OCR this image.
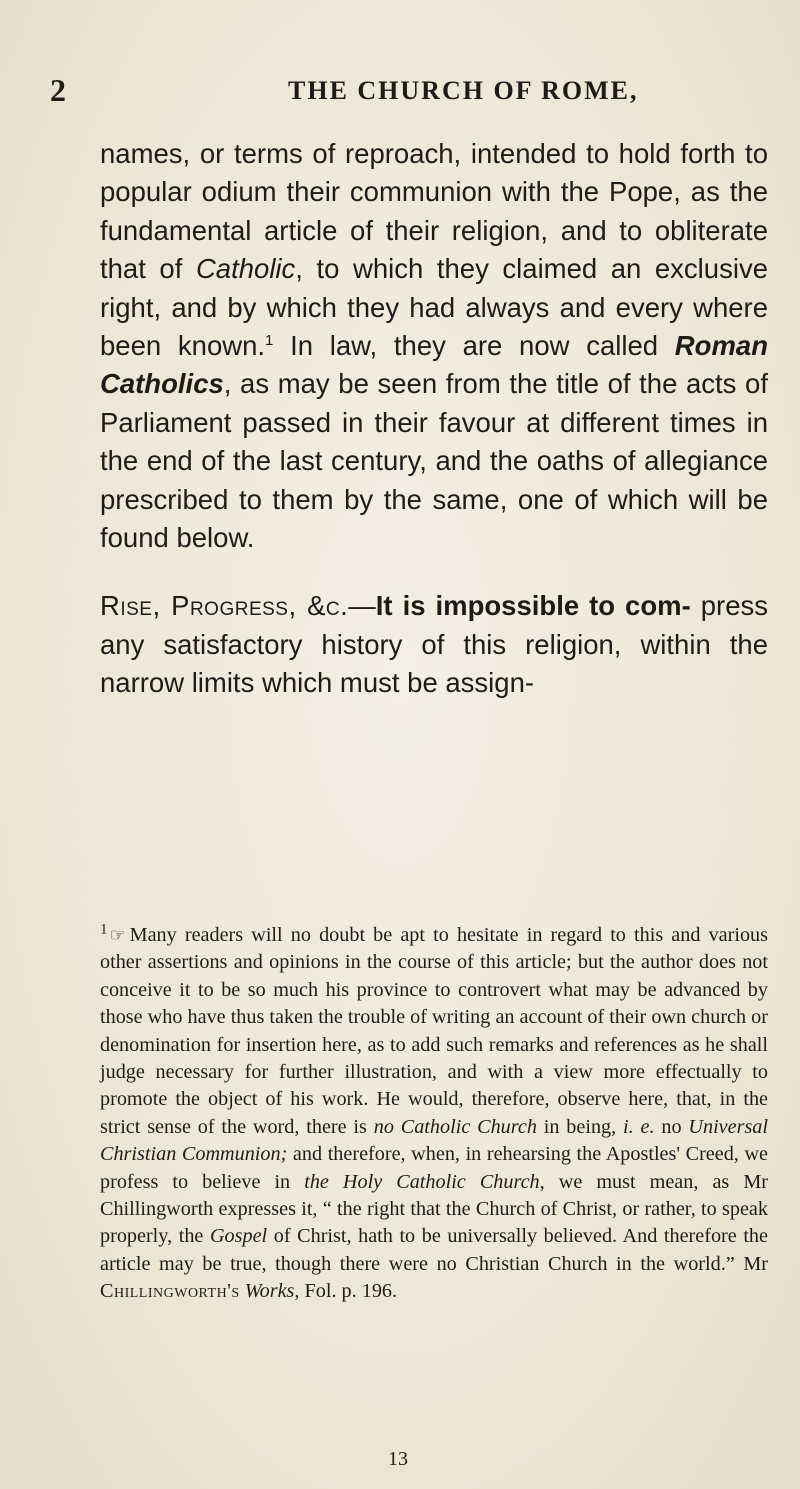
2	THE CHURCH OF ROME,

names, or terms of reproach, intended to hold forth to popular odium their communion with the Pope, as the fundamental article of their religion, and to obliterate that of Catholic, to which they claimed an exclusive right, and by which they had always and every where been known.$^1$ In law, they are now called Roman Catholics, as may be seen from the title of the acts of Parliament passed in their favour at different times in the end of the last century, and the oaths of allegiance prescribed to them by the same, one of which will be found below.

Rise, Progress, &c.—It is impossible to com- press any satisfactory history of this religion, within the narrow limits which must be assign-

$^1$ ☞ Many readers will no doubt be apt to hesitate in regard to this and various other assertions and opinions in the course of this article; but the author does not conceive it to be so much his province to controvert what may be advanced by those who have thus taken the trouble of writing an account of their own church or denomination for insertion here, as to add such remarks and references as he shall judge necessary for further illustration, and with a view more effectually to promote the object of his work. He would, therefore, observe here, that, in the strict sense of the word, there is no Catholic Church in being, i. e. no Universal Christian Communion; and therefore, when, in rehearsing the Apostles' Creed, we profess to believe in the Holy Catholic Church, we must mean, as Mr Chillingworth expresses it, “ the right that the Church of Christ, or rather, to speak properly, the Gospel of Christ, hath to be universally believed. And therefore the article may be true, though there were no Christian Church in the world.” Mr Chillingworth's Works, Fol. p. 196.

13
